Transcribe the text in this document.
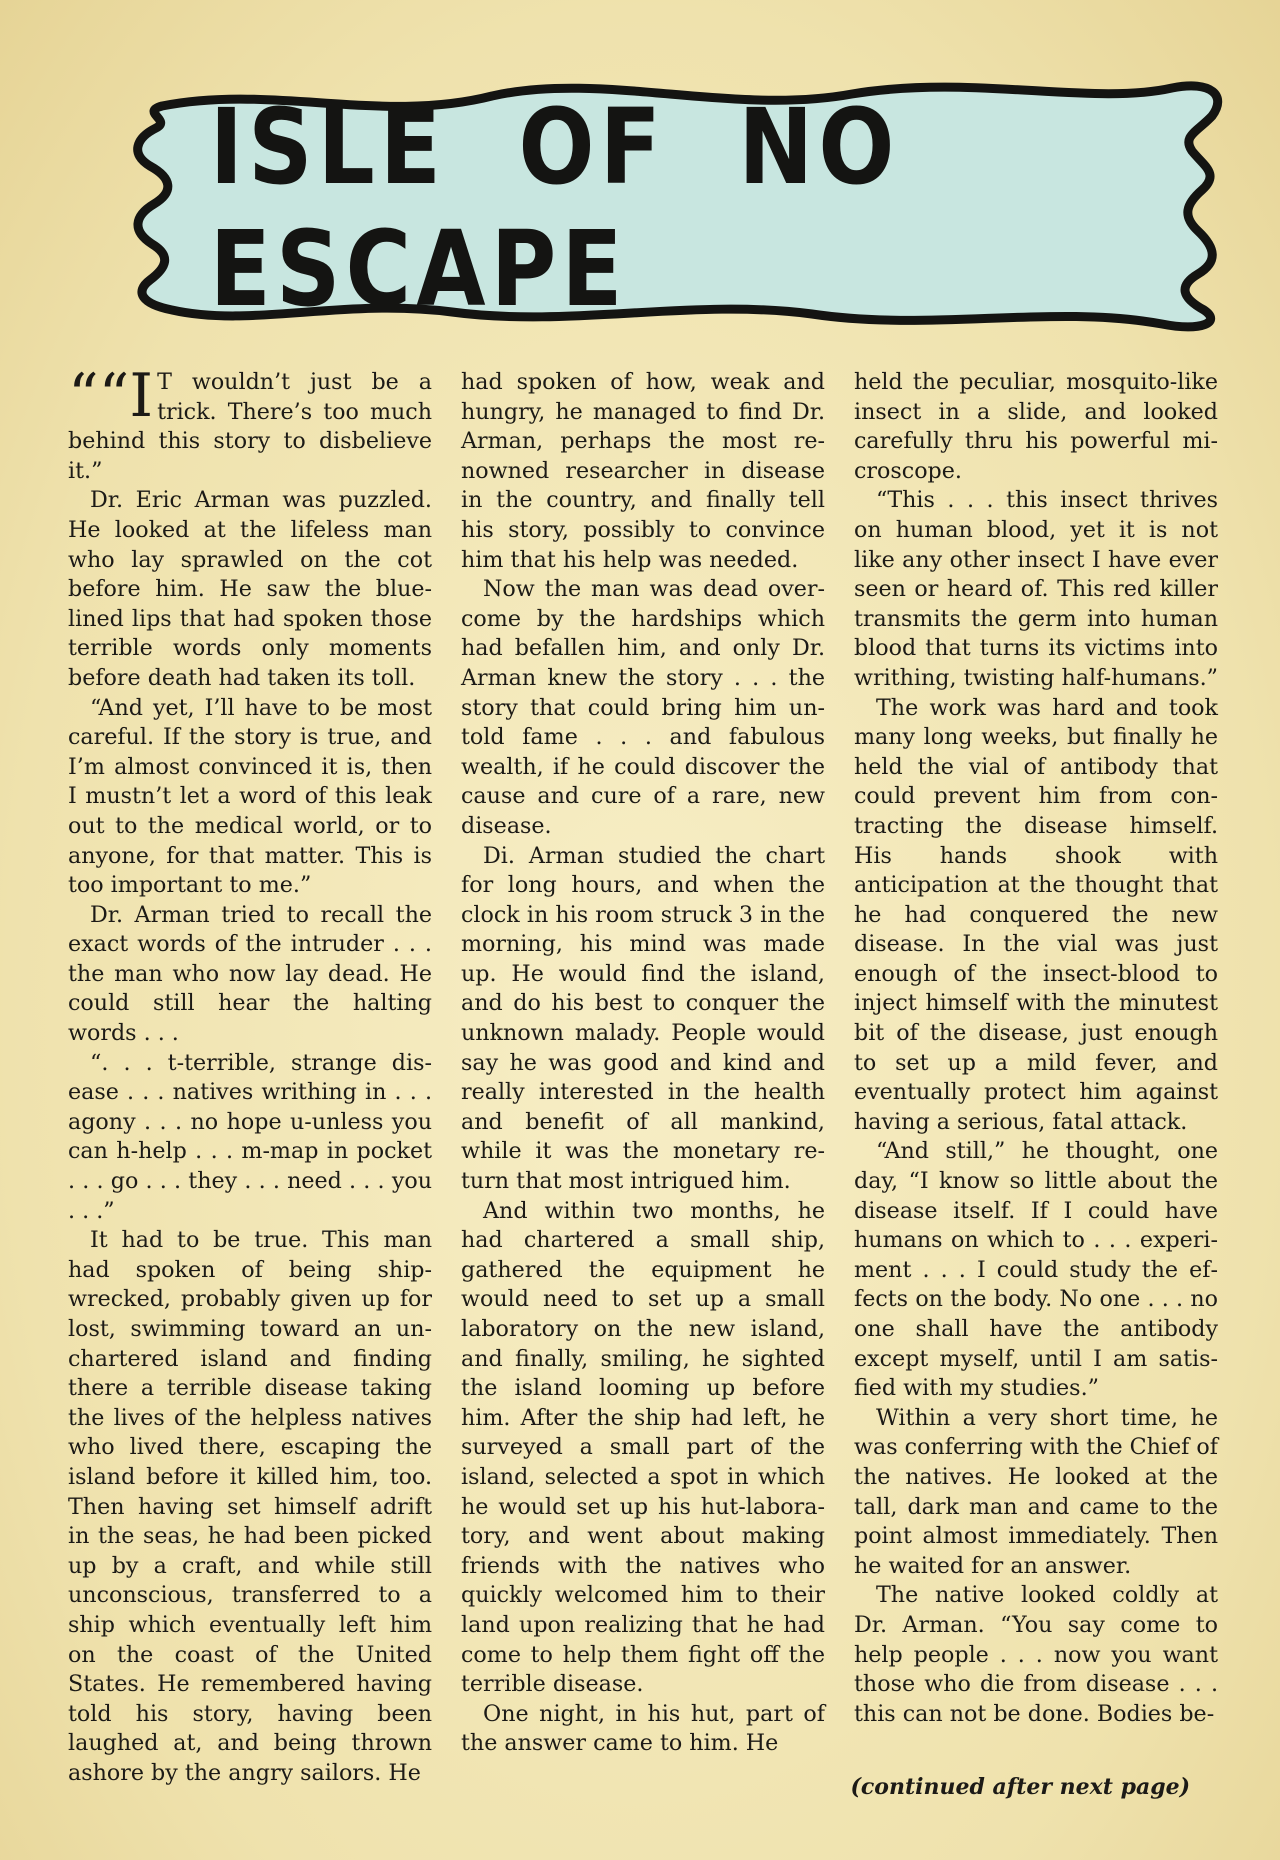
ISLE OF NO ESCAPE

““I T wouldn’t just be a trick. There’s too much behind this story to disbelieve it.”

Dr. Eric Arman was puzzled. He looked at the lifeless man who lay sprawled on the cot before him. He saw the blue-lined lips that had spoken those terrible words only moments before death had taken its toll.

“And yet, I’ll have to be most careful. If the story is true, and I’m almost convinced it is, then I mustn’t let a word of this leak out to the medical world, or to anyone, for that matter. This is too important to me.”

Dr. Arman tried to recall the exact words of the intruder . . . the man who now lay dead. He could still hear the halting words . . .

“. . . t-terrible, strange disease . . . natives writhing in . . . agony . . . no hope u-unless you can h-help . . . m-map in pocket . . . go . . . they . . . need . . . you . . .”

It had to be true. This man had spoken of being shipwrecked, probably given up for lost, swimming toward an unchartered island and finding there a terrible disease taking the lives of the helpless natives who lived there, escaping the island before it killed him, too. Then having set himself adrift in the seas, he had been picked up by a craft, and while still unconscious, transferred to a ship which eventually left him on the coast of the United States. He remembered having told his story, having been laughed at, and being thrown ashore by the angry sailors. He

had spoken of how, weak and hungry, he managed to find Dr. Arman, perhaps the most renowned researcher in disease in the country, and finally tell his story, possibly to convince him that his help was needed.

Now the man was dead overcome by the hardships which had befallen him, and only Dr. Arman knew the story . . . the story that could bring him untold fame . . . and fabulous wealth, if he could discover the cause and cure of a rare, new disease.

Di. Arman studied the chart for long hours, and when the clock in his room struck 3 in the morning, his mind was made up. He would find the island, and do his best to conquer the unknown malady. People would say he was good and kind and really interested in the health and benefit of all mankind, while it was the monetary return that most intrigued him.

And within two months, he had chartered a small ship, gathered the equipment he would need to set up a small laboratory on the new island, and finally, smiling, he sighted the island looming up before him. After the ship had left, he surveyed a small part of the island, selected a spot in which he would set up his hut-laboratory, and went about making friends with the natives who quickly welcomed him to their land upon realizing that he had come to help them fight off the terrible disease.

One night, in his hut, part of the answer came to him. He

held the peculiar, mosquito-like insect in a slide, and looked carefully thru his powerful microscope.

“This . . . this insect thrives on human blood, yet it is not like any other insect I have ever seen or heard of. This red killer transmits the germ into human blood that turns its victims into writhing, twisting half-humans.”

The work was hard and took many long weeks, but finally he held the vial of antibody that could prevent him from contracting the disease himself. His hands shook with anticipation at the thought that he had conquered the new disease. In the vial was just enough of the insect-blood to inject himself with the minutest bit of the disease, just enough to set up a mild fever, and eventually protect him against having a serious, fatal attack.

“And still,” he thought, one day, “I know so little about the disease itself. If I could have humans on which to . . . experiment . . . I could study the effects on the body. No one . . . no one shall have the antibody except myself, until I am satisfied with my studies.”

Within a very short time, he was conferring with the Chief of the natives. He looked at the tall, dark man and came to the point almost immediately. Then he waited for an answer.

The native looked coldly at Dr. Arman. “You say come to help people . . . now you want those who die from disease . . . this can not be done. Bodies be-

(continued after next page)
